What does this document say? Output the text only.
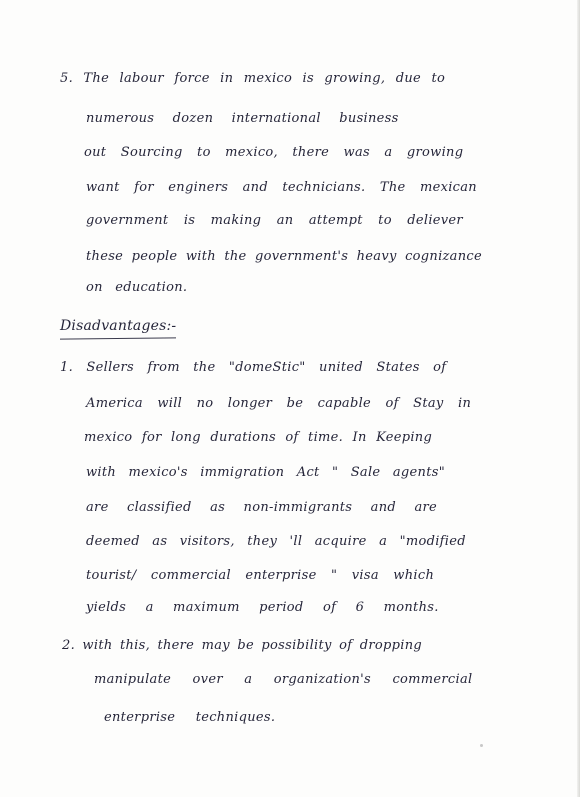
5. The labour force in mexico is growing, due to
numerous dozen international business
out Sourcing to mexico, there was a growing
want for enginers and technicians. The mexican
government is making an attempt to deliever
these people with the government's heavy cognizance
on education.
Disadvantages:-
1. Sellers from the "domeStic" united States of
America will no longer be capable of Stay in
mexico for long durations of time. In Keeping
with mexico's immigration Act " Sale agents"
are classified as non-immigrants and are
deemed as visitors, they 'll acquire a "modified
tourist/ commercial enterprise " visa which
yields a maximum period of 6 months.
2. with this, there may be possibility of dropping
manipulate over a organization's commercial
enterprise techniques.
